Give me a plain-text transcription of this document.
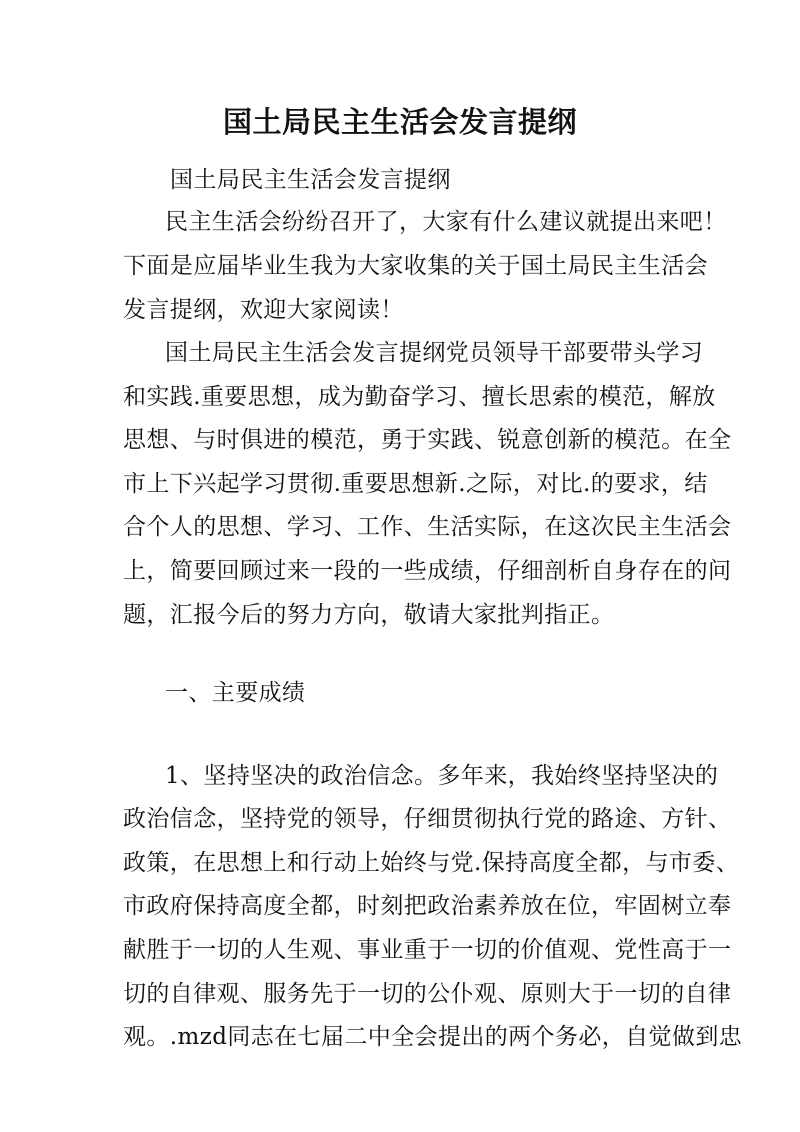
国土局民主生活会发言提纲
国土局民主生活会发言提纲
民主生活会纷纷召开了，大家有什么建议就提出来吧！
下面是应届毕业生我为大家收集的关于国土局民主生活会
发言提纲，欢迎大家阅读！
国土局民主生活会发言提纲党员领导干部要带头学习
和实践.重要思想，成为勤奋学习、擅长思索的模范，解放
思想、与时俱进的模范，勇于实践、锐意创新的模范。在全
市上下兴起学习贯彻.重要思想新.之际，对比.的要求，结
合个人的思想、学习、工作、生活实际，在这次民主生活会
上，简要回顾过来一段的一些成绩，仔细剖析自身存在的问
题，汇报今后的努力方向，敬请大家批判指正。
一、主要成绩
1、坚持坚决的政治信念。多年来，我始终坚持坚决的
政治信念，坚持党的领导，仔细贯彻执行党的路途、方针、
政策，在思想上和行动上始终与党.保持高度全都，与市委、
市政府保持高度全都，时刻把政治素养放在位，牢固树立奉
献胜于一切的人生观、事业重于一切的价值观、党性高于一
切的自律观、服务先于一切的公仆观、原则大于一切的自律
观。.mzd同志在七届二中全会提出的两个务必，自觉做到忠
